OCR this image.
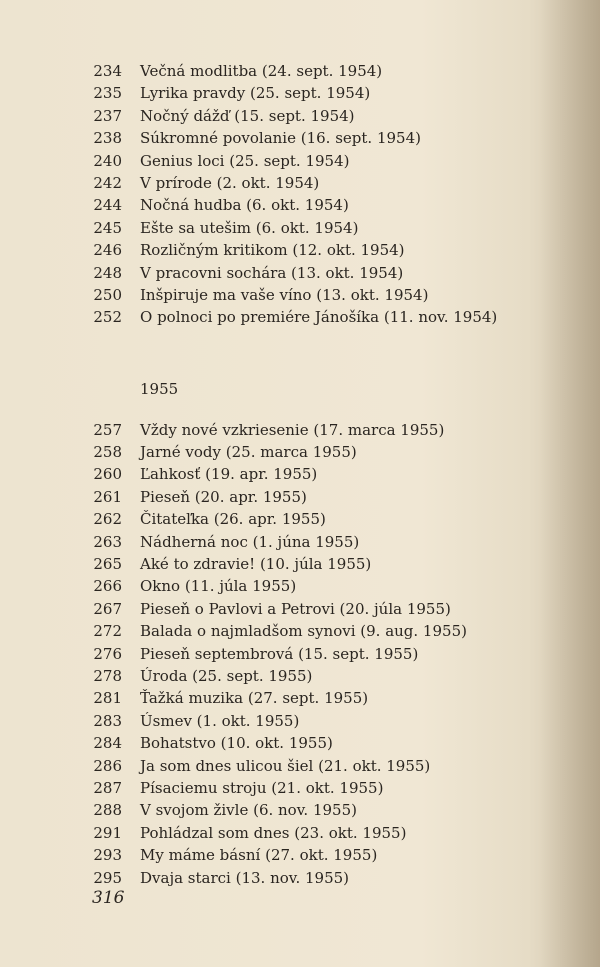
234 Večná modlitba (24. sept. 1954)
235 Lyrika pravdy (25. sept. 1954)
237 Nočný dážď (15. sept. 1954)
238 Súkromné povolanie (16. sept. 1954)
240 Genius loci (25. sept. 1954)
242 V prírode (2. okt. 1954)
244 Nočná hudba (6. okt. 1954)
245 Ešte sa utešim (6. okt. 1954)
246 Rozličným kritikom (12. okt. 1954)
248 V pracovni sochára (13. okt. 1954)
250 Inšpiruje ma vaše víno (13. okt. 1954)
252 O polnoci po premiére Jánošíka (11. nov. 1954)
1955
257 Vždy nové vzkriesenie (17. marca 1955)
258 Jarné vody (25. marca 1955)
260 Ľahkosť (19. apr. 1955)
261 Pieseň (20. apr. 1955)
262 Čitateľka (26. apr. 1955)
263 Nádherná noc (1. júna 1955)
265 Aké to zdravie! (10. júla 1955)
266 Okno (11. júla 1955)
267 Pieseň o Pavlovi a Petrovi (20. júla 1955)
272 Balada o najmladšom synovi (9. aug. 1955)
276 Pieseň septembrová (15. sept. 1955)
278 Úroda (25. sept. 1955)
281 Ťažká muzika (27. sept. 1955)
283 Úsmev (1. okt. 1955)
284 Bohatstvo (10. okt. 1955)
286 Ja som dnes ulicou šiel (21. okt. 1955)
287 Písaciemu stroju (21. okt. 1955)
288 V svojom živle (6. nov. 1955)
291 Pohládzal som dnes (23. okt. 1955)
293 My máme básní (27. okt. 1955)
295 Dvaja starci (13. nov. 1955)
316
